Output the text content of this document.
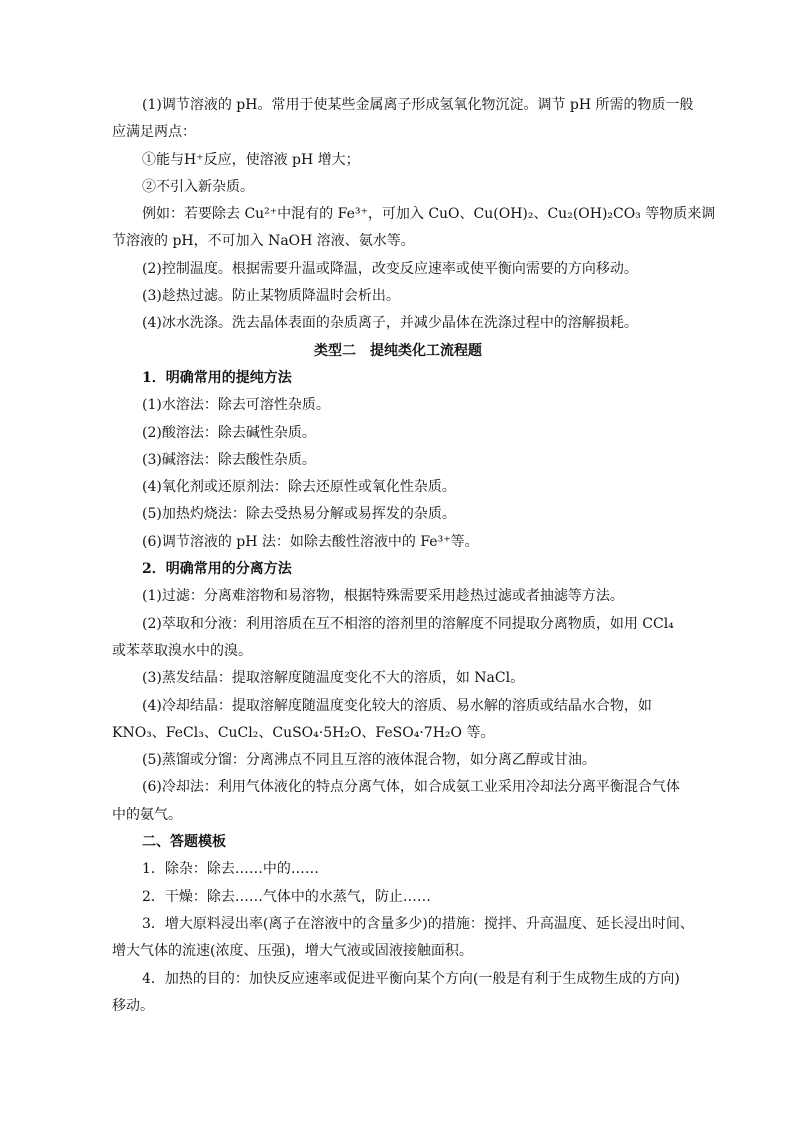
(1)调节溶液的 pH。常用于使某些金属离子形成氢氧化物沉淀。调节 pH 所需的物质一般
应满足两点：
①能与H⁺反应，使溶液 pH 增大；
②不引入新杂质。
例如：若要除去 Cu²⁺中混有的 Fe³⁺，可加入 CuO、Cu(OH)₂、Cu₂(OH)₂CO₃ 等物质来调
节溶液的 pH，不可加入 NaOH 溶液、氨水等。
(2)控制温度。根据需要升温或降温，改变反应速率或使平衡向需要的方向移动。
(3)趁热过滤。防止某物质降温时会析出。
(4)冰水洗涤。洗去晶体表面的杂质离子，并减少晶体在洗涤过程中的溶解损耗。
类型二　提纯类化工流程题
1．明确常用的提纯方法
(1)水溶法：除去可溶性杂质。
(2)酸溶法：除去碱性杂质。
(3)碱溶法：除去酸性杂质。
(4)氧化剂或还原剂法：除去还原性或氧化性杂质。
(5)加热灼烧法：除去受热易分解或易挥发的杂质。
(6)调节溶液的 pH 法：如除去酸性溶液中的 Fe³⁺等。
2．明确常用的分离方法
(1)过滤：分离难溶物和易溶物，根据特殊需要采用趁热过滤或者抽滤等方法。
(2)萃取和分液：利用溶质在互不相溶的溶剂里的溶解度不同提取分离物质，如用 CCl₄
或苯萃取溴水中的溴。
(3)蒸发结晶：提取溶解度随温度变化不大的溶质，如 NaCl。
(4)冷却结晶：提取溶解度随温度变化较大的溶质、易水解的溶质或结晶水合物，如
KNO₃、FeCl₃、CuCl₂、CuSO₄·5H₂O、FeSO₄·7H₂O 等。
(5)蒸馏或分馏：分离沸点不同且互溶的液体混合物，如分离乙醇或甘油。
(6)冷却法：利用气体液化的特点分离气体，如合成氨工业采用冷却法分离平衡混合气体
中的氨气。
二、答题模板
1．除杂：除去……中的……
2．干燥：除去……气体中的水蒸气，防止……
3．增大原料浸出率(离子在溶液中的含量多少)的措施：搅拌、升高温度、延长浸出时间、
增大气体的流速(浓度、压强)，增大气液或固液接触面积。
4．加热的目的：加快反应速率或促进平衡向某个方向(一般是有利于生成物生成的方向)
移动。
